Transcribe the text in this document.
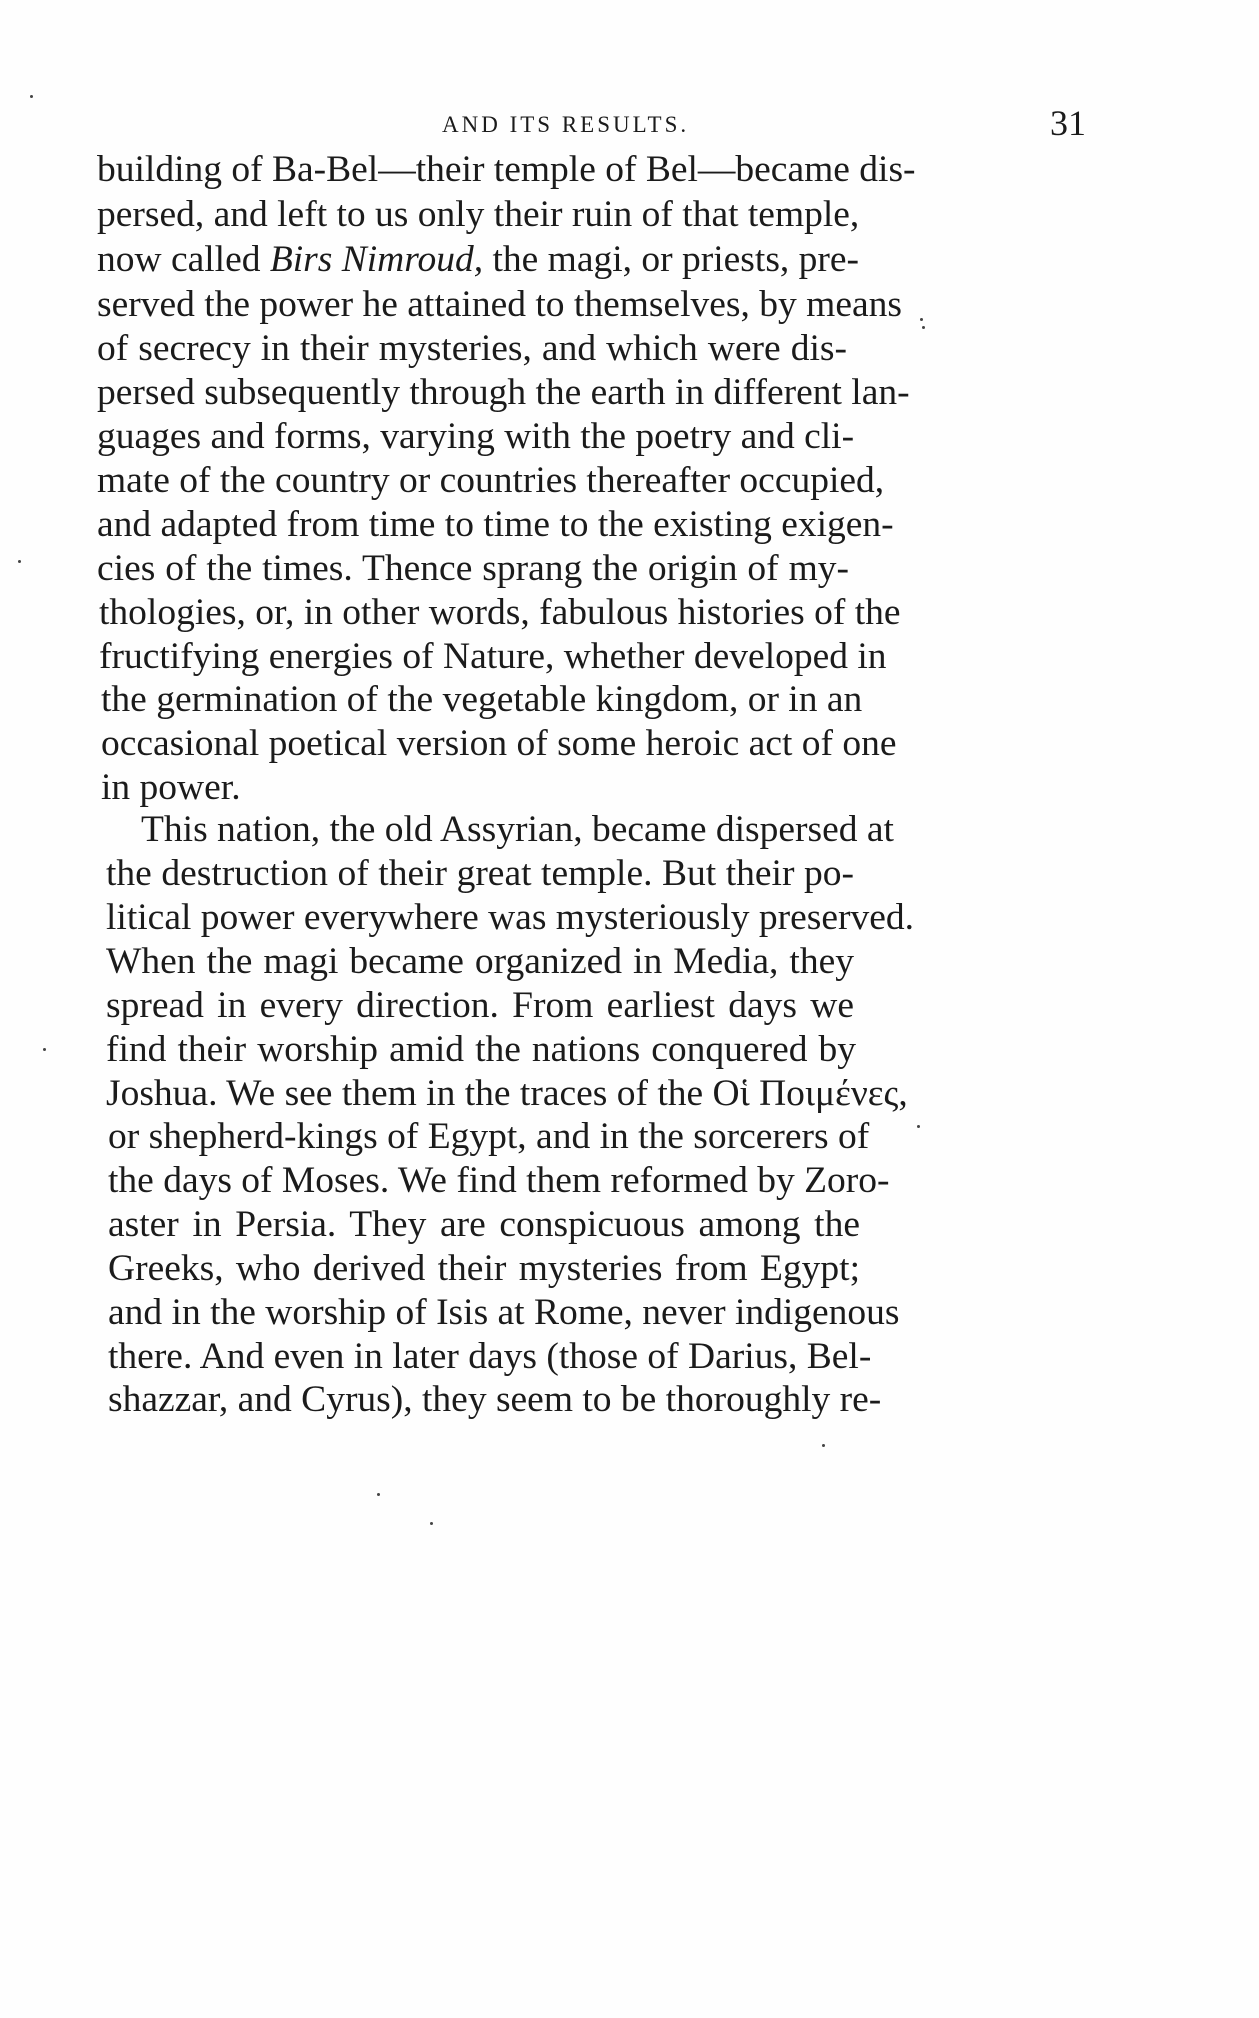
AND ITS RESULTS.	31
building of Ba-Bel—their temple of Bel—became dis-
persed, and left to us only their ruin of that temple,
now called Birs Nimroud, the magi, or priests, pre-
served the power he attained to themselves, by means
of secrecy in their mysteries, and which were dis-
persed subsequently through the earth in different lan-
guages and forms, varying with the poetry and cli-
mate of the country or countries thereafter occupied,
and adapted from time to time to the existing exigen-
cies of the times. Thence sprang the origin of my-
thologies, or, in other words, fabulous histories of the
fructifying energies of Nature, whether developed in
the germination of the vegetable kingdom, or in an
occasional poetical version of some heroic act of one
in power.
This nation, the old Assyrian, became dispersed at
the destruction of their great temple. But their po-
litical power everywhere was mysteriously preserved.
When the magi became organized in Media, they
spread in every direction. From earliest days we
find their worship amid the nations conquered by
Joshua. We see them in the traces of the Οἱ Ποιμένες,
or shepherd-kings of Egypt, and in the sorcerers of
the days of Moses. We find them reformed by Zoro-
aster in Persia. They are conspicuous among the
Greeks, who derived their mysteries from Egypt;
and in the worship of Isis at Rome, never indigenous
there. And even in later days (those of Darius, Bel-
shazzar, and Cyrus), they seem to be thoroughly re-
